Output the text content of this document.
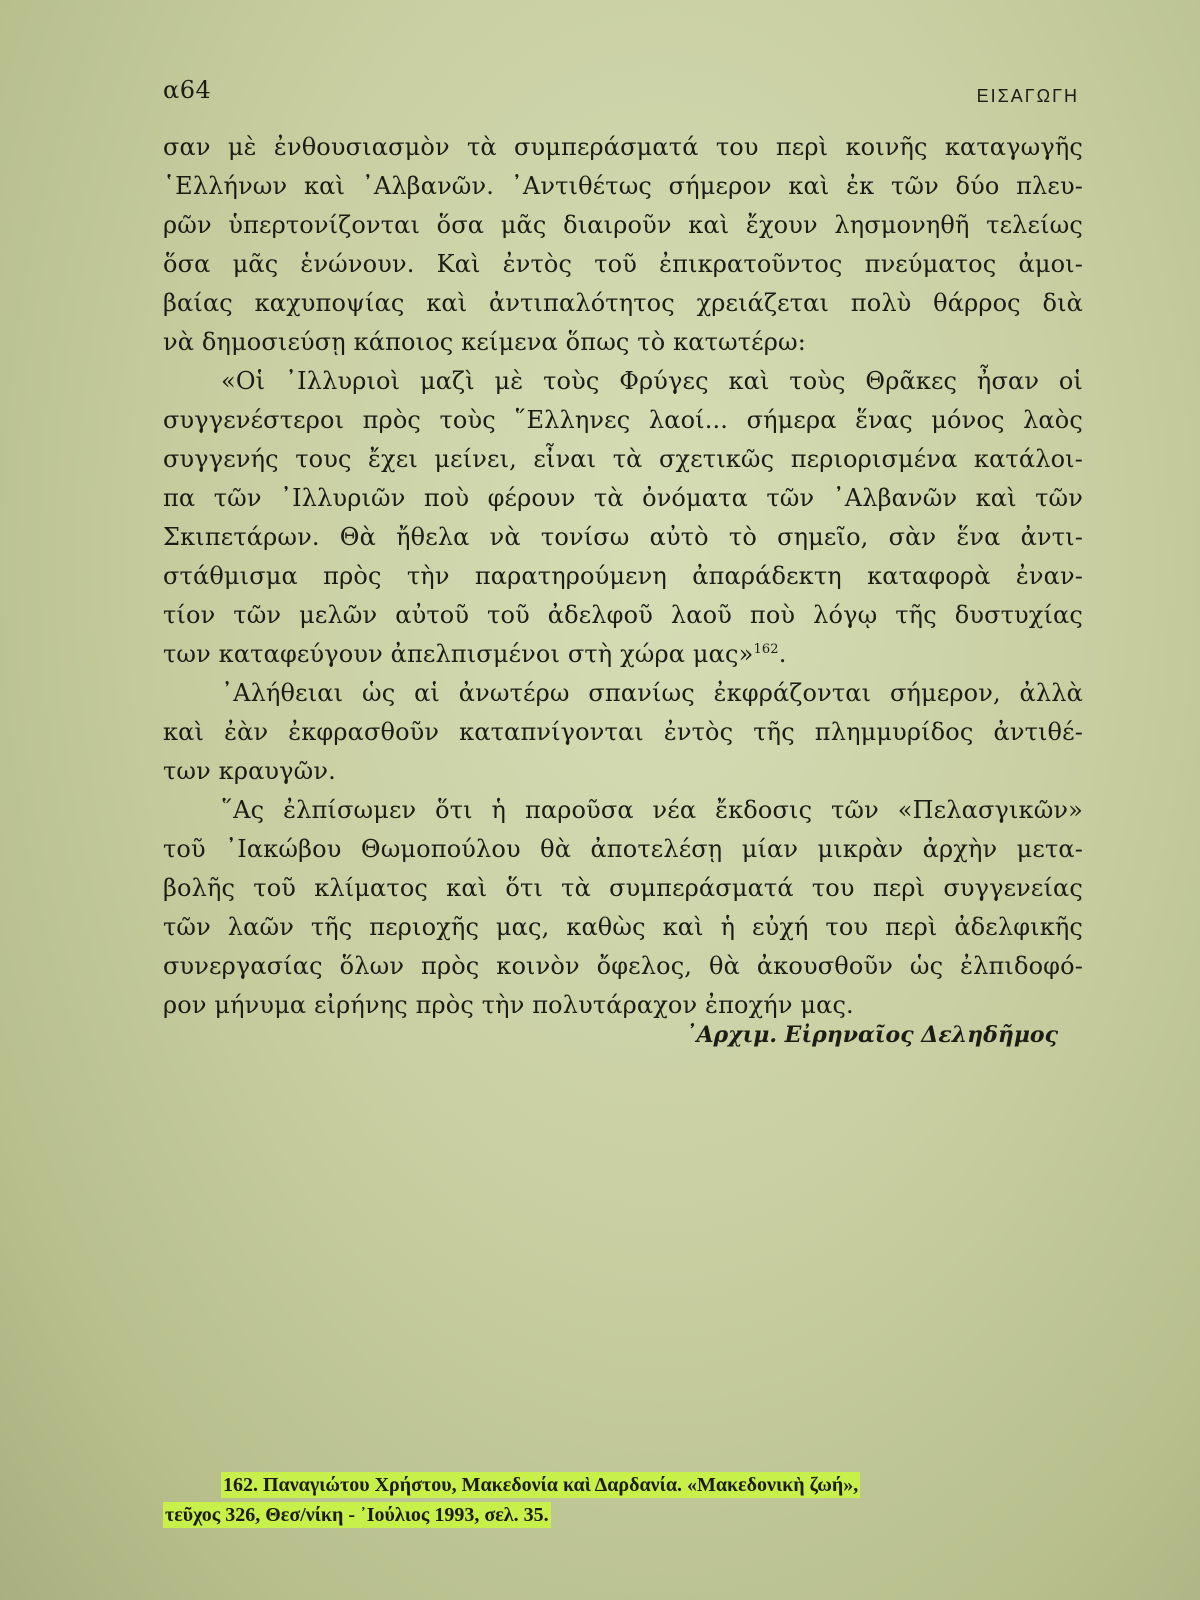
α64	ΕΙΣΑΓΩΓΗ
σαν μὲ ἐνθουσιασμὸν τὰ συμπεράσματά του περὶ κοινῆς καταγωγῆς
῾Ελλήνων καὶ ᾿Αλβανῶν. ᾿Αντιθέτως σήμερον καὶ ἐκ τῶν δύο πλευ-
ρῶν ὑπερτονίζονται ὅσα μᾶς διαιροῦν καὶ ἔχουν λησμονηθῆ τελείως
ὅσα μᾶς ἑνώνουν. Καὶ ἐντὸς τοῦ ἐπικρατοῦντος πνεύματος ἀμοι-
βαίας καχυποψίας καὶ ἀντιπαλότητος χρειάζεται πολὺ θάρρος διὰ
νὰ δημοσιεύσῃ κάποιος κείμενα ὅπως τὸ κατωτέρω:
«Οἱ ᾿Ιλλυριοὶ μαζὶ μὲ τοὺς Φρύγες καὶ τοὺς Θρᾶκες ἦσαν οἱ
συγγενέστεροι πρὸς τοὺς ῞Ελληνες λαοί... σήμερα ἕνας μόνος λαὸς
συγγενής τους ἔχει μείνει, εἶναι τὰ σχετικῶς περιορισμένα κατάλοι-
πα τῶν ᾿Ιλλυριῶν ποὺ φέρουν τὰ ὀνόματα τῶν ᾿Αλβανῶν καὶ τῶν
Σκιπετάρων. Θὰ ἤθελα νὰ τονίσω αὐτὸ τὸ σημεῖο, σὰν ἕνα ἀντι-
στάθμισμα πρὸς τὴν παρατηρούμενη ἀπαράδεκτη καταφορὰ ἐναν-
τίον τῶν μελῶν αὐτοῦ τοῦ ἀδελφοῦ λαοῦ ποὺ λόγῳ τῆς δυστυχίας
των καταφεύγουν ἀπελπισμένοι στὴ χώρα μας»$^{162}$.
᾿Αλήθειαι ὡς αἱ ἀνωτέρω σπανίως ἐκφράζονται σήμερον, ἀλλὰ
καὶ ἐὰν ἐκφρασθοῦν καταπνίγονται ἐντὸς τῆς πλημμυρίδος ἀντιθέ-
των κραυγῶν.
῞Ας ἐλπίσωμεν ὅτι ἡ παροῦσα νέα ἔκδοσις τῶν «Πελασγικῶν»
τοῦ ᾿Ιακώβου Θωμοπούλου θὰ ἀποτελέσῃ μίαν μικρὰν ἀρχὴν μετα-
βολῆς τοῦ κλίματος καὶ ὅτι τὰ συμπεράσματά του περὶ συγγενείας
τῶν λαῶν τῆς περιοχῆς μας, καθὼς καὶ ἡ εὐχή του περὶ ἀδελφικῆς
συνεργασίας ὅλων πρὸς κοινὸν ὄφελος, θὰ ἀκουσθοῦν ὡς ἐλπιδοφό-
ρον μήνυμα εἰρήνης πρὸς τὴν πολυτάραχον ἐποχήν μας.
᾿Αρχιμ. Εἰρηναῖος Δεληδῆμος
162. Παναγιώτου Χρήστου, Μακεδονία καὶ Δαρδανία. «Μακεδονικὴ ζωή»,
τεῦχος 326, Θεσ/νίκη - ᾿Ιούλιος 1993, σελ. 35.
